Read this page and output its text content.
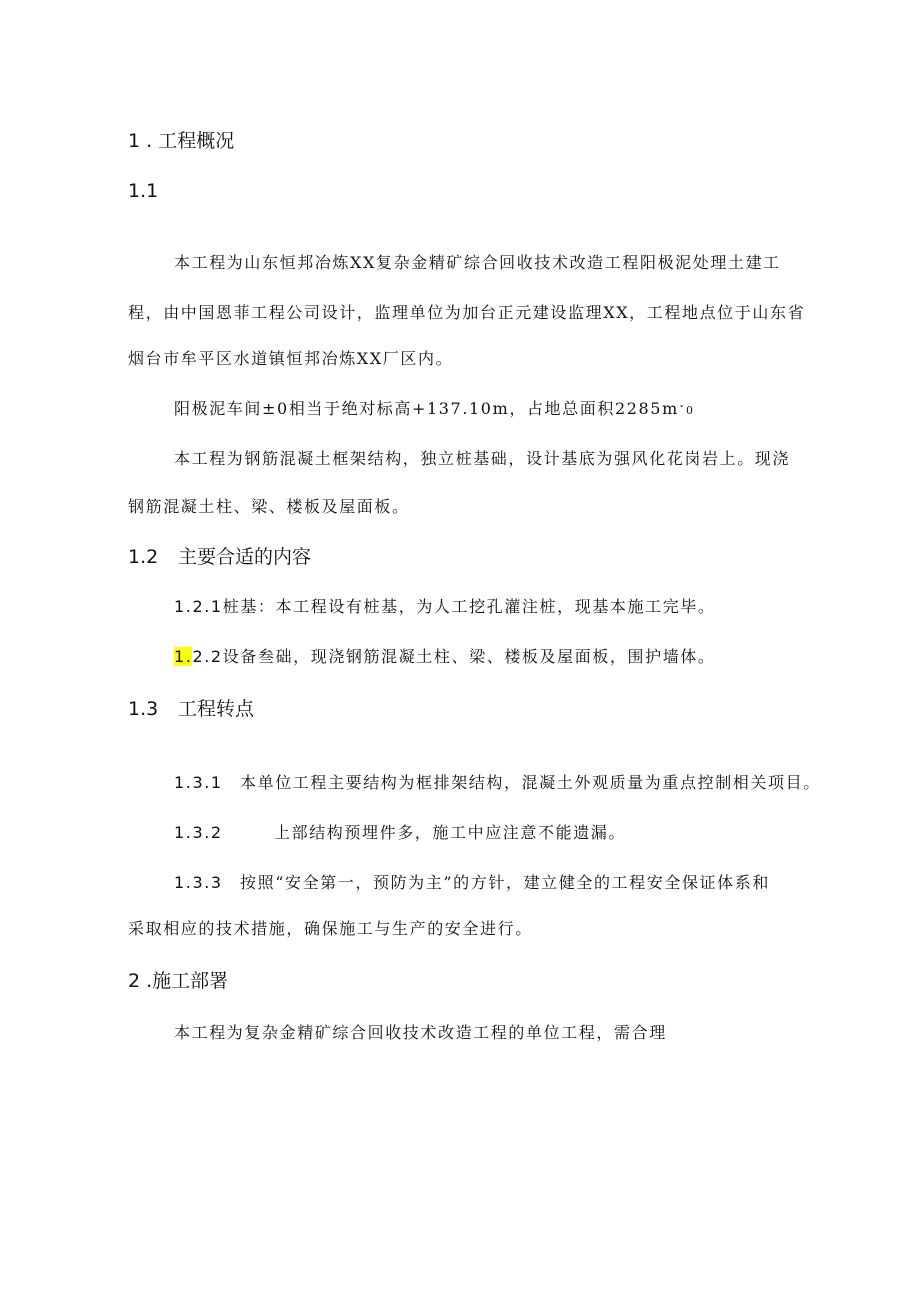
1 . 工程概况
1.1
本工程为山东恒邦冶炼XX复杂金精矿综合回收技术改造工程阳极泥处理土建工
程，由中国恩菲工程公司设计，监理单位为加台正元建设监理XX，工程地点位于山东省
烟台市牟平区水道镇恒邦冶炼XX厂区内。
阳极泥车间±0相当于绝对标高+137.10m，占地总面积2285mˇ0
本工程为钢筋混凝土框架结构，独立桩基础，设计基底为强风化花岗岩上。现浇
钢筋混凝土柱、梁、楼板及屋面板。
1.2 主要合适的内容
1.2.1桩基：本工程设有桩基，为人工挖孔灌注桩，现基本施工完毕。
1.2.2设备叁础，现浇钢筋混凝土柱、梁、楼板及屋面板，围护墙体。
1.3 工程转点
1.3.1 本单位工程主要结构为框排架结构，混凝土外观质量为重点控制相关项目。
1.3.2	上部结构预埋件多，施工中应注意不能遗漏。
1.3.3 按照“安全第一，预防为主”的方针，建立健全的工程安全保证体系和
采取相应的技术措施，确保施工与生产的安全进行。
2 .施工部署
本工程为复杂金精矿综合回收技术改造工程的单位工程，需合理
